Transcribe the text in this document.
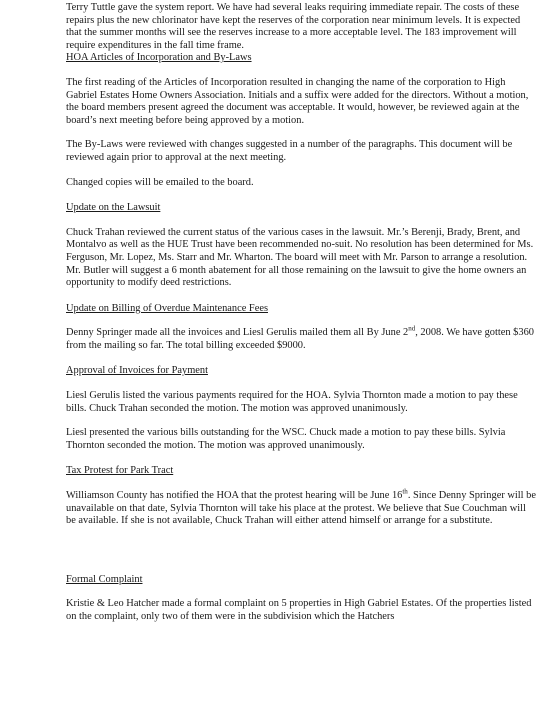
Terry Tuttle gave the system report. We have had several leaks requiring immediate repair. The costs of these repairs plus the new chlorinator have kept the reserves of the corporation near minimum levels. It is expected that the summer months will see the reserves increase to a more acceptable level. The 183 improvement will require expenditures in the fall time frame.

HOA Articles of Incorporation and By-Laws

The first reading of the Articles of Incorporation resulted in changing the name of the corporation to High Gabriel Estates Home Owners Association. Initials and a suffix were added for the directors. Without a motion, the board members present agreed the document was acceptable. It would, however, be reviewed again at the board’s next meeting before being approved by a motion.

The By-Laws were reviewed with changes suggested in a number of the paragraphs. This document will be reviewed again prior to approval at the next meeting.

Changed copies will be emailed to the board.

Update on the Lawsuit

Chuck Trahan reviewed the current status of the various cases in the lawsuit. Mr.’s Berenji, Brady, Brent, and Montalvo as well as the HUE Trust have been recommended no-suit. No resolution has been determined for Ms. Ferguson, Mr. Lopez, Ms. Starr and Mr. Wharton. The board will meet with Mr. Parson to arrange a resolution. Mr. Butler will suggest a 6 month abatement for all those remaining on the lawsuit to give the home owners an opportunity to modify deed restrictions.

Update on Billing of Overdue Maintenance Fees

Denny Springer made all the invoices and Liesl Gerulis mailed them all By June 2nd, 2008. We have gotten $360 from the mailing so far. The total billing exceeded $9000.

Approval of Invoices for Payment

Liesl Gerulis listed the various payments required for the HOA. Sylvia Thornton made a motion to pay these bills. Chuck Trahan seconded the motion. The motion was approved unanimously.

Liesl presented the various bills outstanding for the WSC. Chuck made a motion to pay these bills. Sylvia Thornton seconded the motion. The motion was approved unanimously.

Tax Protest for Park Tract

Williamson County has notified the HOA that the protest hearing will be June 16th. Since Denny Springer will be unavailable on that date, Sylvia Thornton will take his place at the protest. We believe that Sue Couchman will be available. If she is not available, Chuck Trahan will either attend himself or arrange for a substitute.

Formal Complaint

Kristie & Leo Hatcher made a formal complaint on 5 properties in High Gabriel Estates. Of the properties listed on the complaint, only two of them were in the subdivision which the Hatchers
